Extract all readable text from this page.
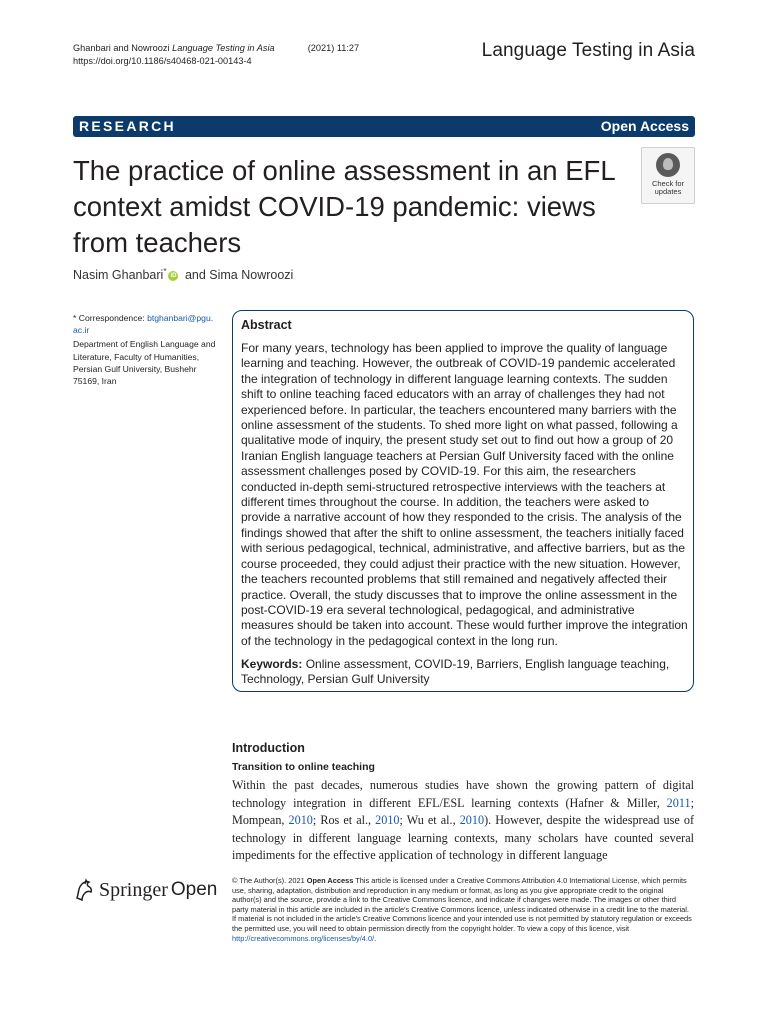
Ghanbari and Nowroozi Language Testing in Asia	(2021) 11:27
https://doi.org/10.1186/s40468-021-00143-4	Language Testing in Asia
RESEARCH	Open Access
The practice of online assessment in an EFL context amidst COVID-19 pandemic: views from teachers
Check for
updates
Nasim Ghanbari* iD and Sima Nowroozi

* Correspondence: btghanbari@pgu.
ac.ir

Department of English Language and Literature, Faculty of Humanities, Persian Gulf University, Bushehr 75169, Iran

Abstract

For many years, technology has been applied to improve the quality of language learning and teaching. However, the outbreak of COVID-19 pandemic accelerated the integration of technology in different language learning contexts. The sudden shift to online teaching faced educators with an array of challenges they had not experienced before. In particular, the teachers encountered many barriers with the online assessment of the students. To shed more light on what passed, following a qualitative mode of inquiry, the present study set out to find out how a group of 20 Iranian English language teachers at Persian Gulf University faced with the online assessment challenges posed by COVID-19. For this aim, the researchers conducted in-depth semi-structured retrospective interviews with the teachers at different times throughout the course. In addition, the teachers were asked to provide a narrative account of how they responded to the crisis. The analysis of the findings showed that after the shift to online assessment, the teachers initially faced with serious pedagogical, technical, administrative, and affective barriers, but as the course proceeded, they could adjust their practice with the new situation. However, the teachers recounted problems that still remained and negatively affected their practice. Overall, the study discusses that to improve the online assessment in the post-COVID-19 era several technological, pedagogical, and administrative measures should be taken into account. These would further improve the integration of the technology in the pedagogical context in the long run.

Keywords: Online assessment, COVID-19, Barriers, English language teaching, Technology, Persian Gulf University

Introduction
Transition to online teaching

Within the past decades, numerous studies have shown the growing pattern of digital technology integration in different EFL/ESL learning contexts (Hafner & Miller, 2011; Mompean, 2010; Ros et al., 2010; Wu et al., 2010). However, despite the widespread use of technology in different language learning contexts, many scholars have counted several impediments for the effective application of technology in different language

Springer Open © The Author(s). 2021 Open Access This article is licensed under a Creative Commons Attribution 4.0 International License, which permits use, sharing, adaptation, distribution and reproduction in any medium or format, as long as you give appropriate credit to the original author(s) and the source, provide a link to the Creative Commons licence, and indicate if changes were made. The images or other third party material in this article are included in the article's Creative Commons licence, unless indicated otherwise in a credit line to the material. If material is not included in the article's Creative Commons licence and your intended use is not permitted by statutory regulation or exceeds the permitted use, you will need to obtain permission directly from the copyright holder. To view a copy of this licence, visit http://creativecommons.org/licenses/by/4.0/.
